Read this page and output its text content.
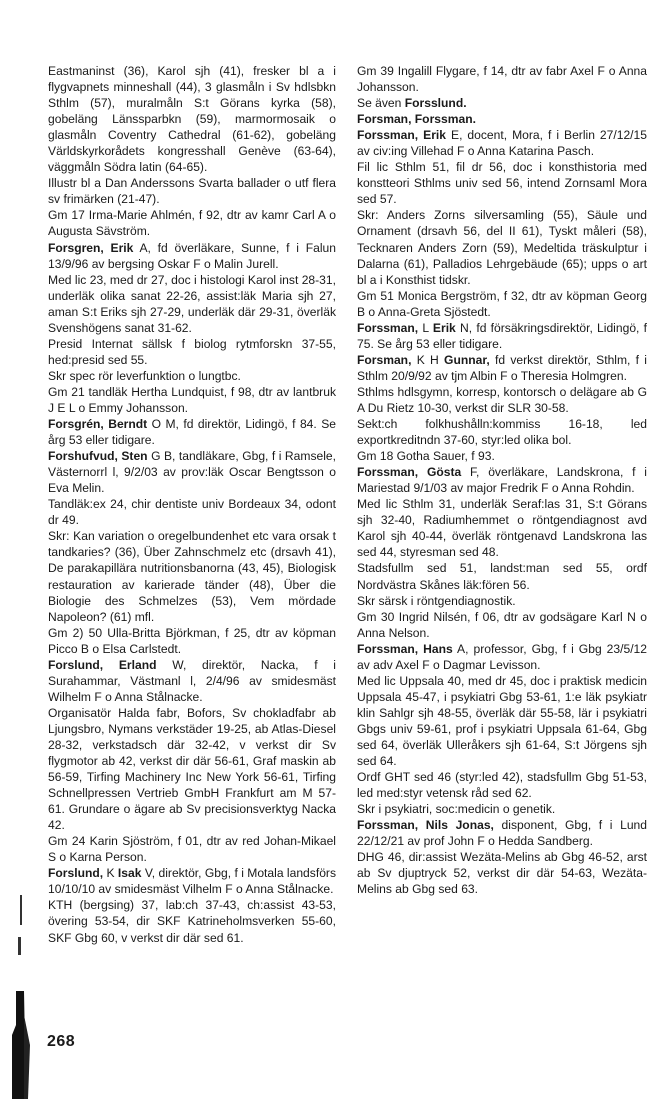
Eastmaninst (36), Karol sjh (41), fresker bl a i flygvapnets minneshall (44), 3 glasmåln i Sv hdlsbkn Sthlm (57), muralmåln S:t Görans kyrka (58), gobeläng Länssparbkn (59), marmormosaik o glasmåln Coventry Cathedral (61-62), gobeläng Världskyrkorådets kongresshall Genève (63-64), väggmåln Södra latin (64-65).

Illustr bl a Dan Anderssons Svarta ballader o utf flera sv frimärken (21-47).

Gm 17 Irma-Marie Ahlmén, f 92, dtr av kamr Carl A o Augusta Sävström.

Forsgren, Erik A, fd överläkare, Sunne, f i Falun 13/9/96 av bergsing Oskar F o Malin Jurell.

Med lic 23, med dr 27, doc i histologi Karol inst 28-31, underläk olika sanat 22-26, assist:läk Maria sjh 27, aman S:t Eriks sjh 27-29, underläk där 29-31, överläk Svenshögens sanat 31-62.

Presid Internat sällsk f biolog rytmforskn 37-55, hed:presid sed 55.

Skr spec rör leverfunktion o lungtbc.

Gm 21 tandläk Hertha Lundquist, f 98, dtr av lantbruk J E L o Emmy Johansson.

Forsgrén, Berndt O M, fd direktör, Lidingö, f 84. Se årg 53 eller tidigare.

Forshufvud, Sten G B, tandläkare, Gbg, f i Ramsele, Västernorrl l, 9/2/03 av prov:läk Oscar Bengtsson o Eva Melin.

Tandläk:ex 24, chir dentiste univ Bordeaux 34, odont dr 49.

Skr: Kan variation o oregelbundenhet etc vara orsak t tandkaries? (36), Über Zahnschmelz etc (drsavh 41), De parakapillära nutritionsbanorna (43, 45), Biologisk restauration av karierade tänder (48), Über die Biologie des Schmelzes (53), Vem mördade Napoleon? (61) mfl.

Gm 2) 50 Ulla-Britta Björkman, f 25, dtr av köpman Picco B o Elsa Carlstedt.

Forslund, Erland W, direktör, Nacka, f i Surahammar, Västmanl l, 2/4/96 av smidesmäst Wilhelm F o Anna Stålnacke.

Organisatör Halda fabr, Bofors, Sv chokladfabr ab Ljungsbro, Nymans verkstäder 19-25, ab Atlas-Diesel 28-32, verkstadsch där 32-42, v verkst dir Sv flygmotor ab 42, verkst dir där 56-61, Graf maskin ab 56-59, Tirfing Machinery Inc New York 56-61, Tirfing Schnellpressen Vertrieb GmbH Frankfurt am M 57-61. Grundare o ägare ab Sv precisionsverktyg Nacka 42.

Gm 24 Karin Sjöström, f 01, dtr av red Johan-Mikael S o Karna Person.

Forslund, K Isak V, direktör, Gbg, f i Motala landsförs 10/10/10 av smidesmäst Vilhelm F o Anna Stålnacke.

KTH (bergsing) 37, lab:ch 37-43, ch:assist 43-53, övering 53-54, dir SKF Katrineholmsverken 55-60, SKF Gbg 60, v verkst dir där sed 61.

Gm 39 Ingalill Flygare, f 14, dtr av fabr Axel F o Anna Johansson.

Se även Forsslund.

Forsman, Forssman.

Forssman, Erik E, docent, Mora, f i Berlin 27/12/15 av civ:ing Villehad F o Anna Katarina Pasch.

Fil lic Sthlm 51, fil dr 56, doc i konsthistoria med konstteori Sthlms univ sed 56, intend Zornsaml Mora sed 57.

Skr: Anders Zorns silversamling (55), Säule und Ornament (drsavh 56, del II 61), Tyskt måleri (58), Tecknaren Anders Zorn (59), Medeltida träskulptur i Dalarna (61), Palladios Lehrgebäude (65); upps o art bl a i Konsthist tidskr.

Gm 51 Monica Bergström, f 32, dtr av köpman Georg B o Anna-Greta Sjöstedt.

Forssman, L Erik N, fd försäkringsdirektör, Lidingö, f 75. Se årg 53 eller tidigare.

Forsman, K H Gunnar, fd verkst direktör, Sthlm, f i Sthlm 20/9/92 av tjm Albin F o Theresia Holmgren.

Sthlms hdlsgymn, korresp, kontorsch o delägare ab G A Du Rietz 10-30, verkst dir SLR 30-58.

Sekt:ch folkhushålln:kommiss 16-18, led exportkreditndn 37-60, styr:led olika bol.

Gm 18 Gotha Sauer, f 93.

Forssman, Gösta F, överläkare, Landskrona, f i Mariestad 9/1/03 av major Fredrik F o Anna Rohdin.

Med lic Sthlm 31, underläk Seraf:las 31, S:t Görans sjh 32-40, Radiumhemmet o röntgendiagnost avd Karol sjh 40-44, överläk röntgenavd Landskrona las sed 44, styresman sed 48.

Stadsfullm sed 51, landst:man sed 55, ordf Nordvästra Skånes läk:fören 56.

Skr särsk i röntgendiagnostik.

Gm 30 Ingrid Nilsén, f 06, dtr av godsägare Karl N o Anna Nelson.

Forssman, Hans A, professor, Gbg, f i Gbg 23/5/12 av adv Axel F o Dagmar Levisson.

Med lic Uppsala 40, med dr 45, doc i praktisk medicin Uppsala 45-47, i psykiatri Gbg 53-61, 1:e läk psykiatr klin Sahlgr sjh 48-55, överläk där 55-58, lär i psykiatri Gbgs univ 59-61, prof i psykiatri Uppsala 61-64, Gbg sed 64, överläk Ulleråkers sjh 61-64, S:t Jörgens sjh sed 64.

Ordf GHT sed 46 (styr:led 42), stadsfullm Gbg 51-53, led med:styr vetensk råd sed 62.

Skr i psykiatri, soc:medicin o genetik.

Forssman, Nils Jonas, disponent, Gbg, f i Lund 22/12/21 av prof John F o Hedda Sandberg.

DHG 46, dir:assist Wezäta-Melins ab Gbg 46-52, arst ab Sv djuptryck 52, verkst dir där 54-63, Wezäta-Melins ab Gbg sed 63.

268
